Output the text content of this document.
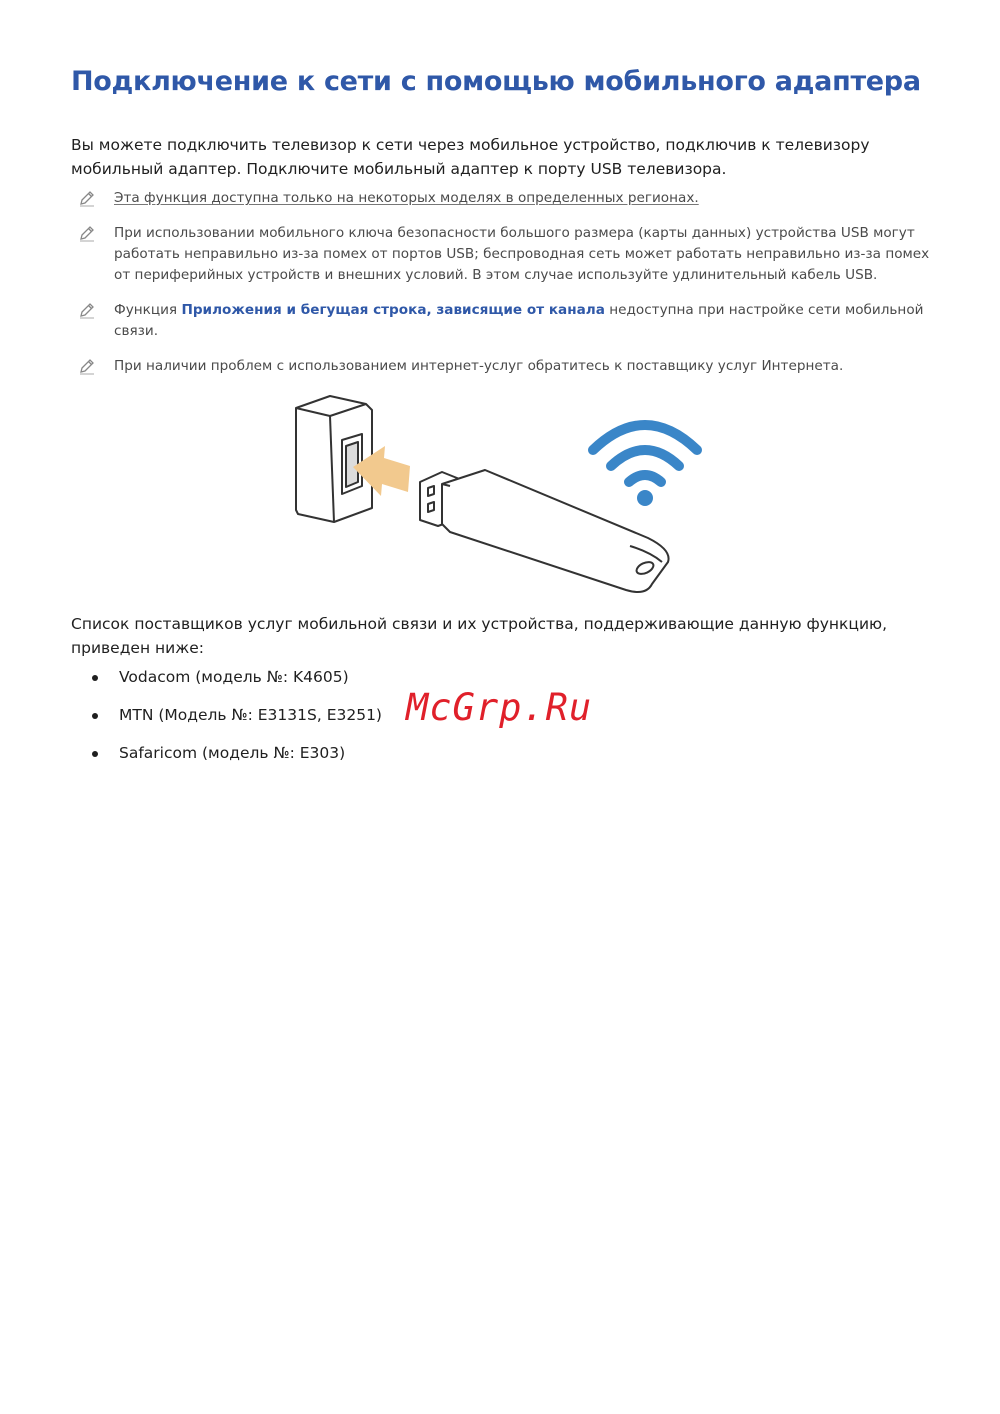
Подключение к сети с помощью мобильного адаптера

Вы можете подключить телевизор к сети через мобильное устройство, подключив к телевизору мобильный адаптер. Подключите мобильный адаптер к порту USB телевизора.

Эта функция доступна только на некоторых моделях в определенных регионах.
При использовании мобильного ключа безопасности большого размера (карты данных) устройства USB могут работать неправильно из-за помех от портов USB; беспроводная сеть может работать неправильно из-за помех от периферийных устройств и внешних условий. В этом случае используйте удлинительный кабель USB.
Функция Приложения и бегущая строка, зависящие от канала недоступна при настройке сети мобильной связи.
При наличии проблем с использованием интернет-услуг обратитесь к поставщику услуг Интернета.

Список поставщиков услуг мобильной связи и их устройства, поддерживающие данную функцию, приведен ниже:

Vodacom (модель №: K4605)
MTN (Модель №: E3131S, E3251)
Safaricom (модель №: E303)
McGrp.Ru
